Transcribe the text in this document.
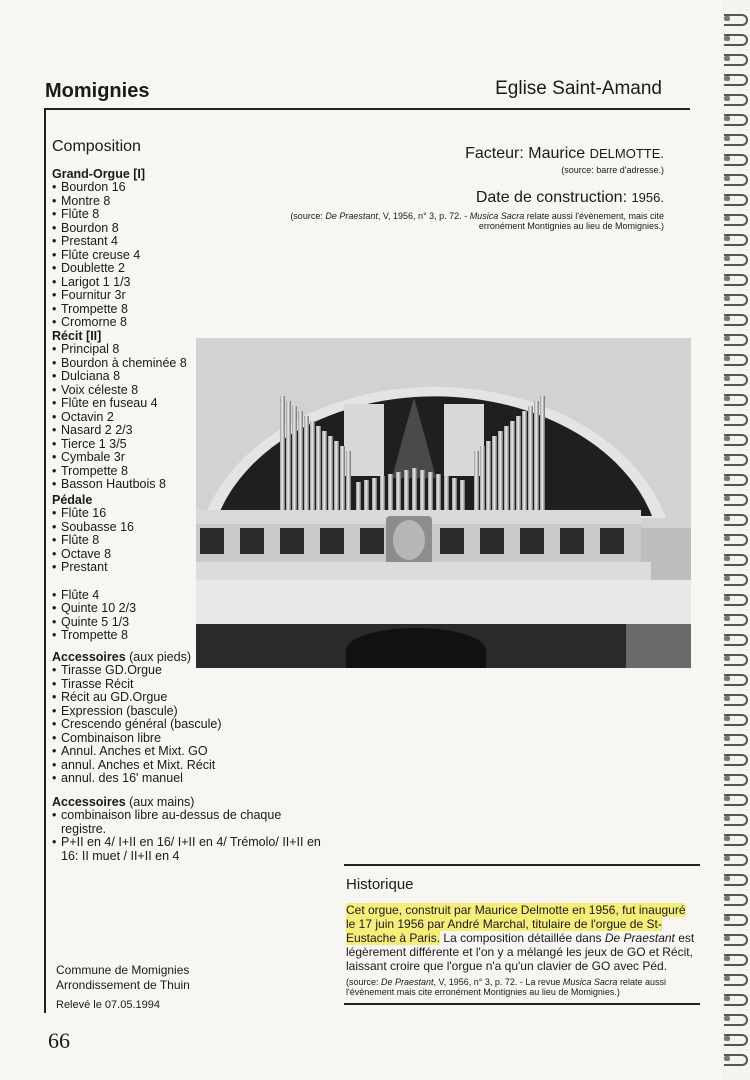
Momignies	Eglise Saint-Amand
Composition
Grand-Orgue [I]
• Bourdon 16
• Montre 8
• Flûte 8
• Bourdon 8
• Prestant 4
• Flûte creuse 4
• Doublette 2
• Larigot 1 1/3
• Fournitur 3r
• Trompette 8
• Cromorne 8
Récit [II]
• Principal 8
• Bourdon à cheminée 8
• Dulciana 8
• Voix céleste 8
• Flûte en fuseau 4
• Octavin 2
• Nasard 2 2/3
• Tierce 1 3/5
• Cymbale 3r
• Trompette 8
• Basson Hautbois 8
Pédale
• Flûte 16
• Soubasse 16
• Flûte 8
• Octave 8
• Prestant
• Flûte 4
• Quinte 10 2/3
• Quinte 5 1/3
• Trompette 8
Accessoires (aux pieds)
• Tirasse GD.Orgue
• Tirasse Récit
• Récit au GD.Orgue
• Expression (bascule)
• Crescendo général (bascule)
• Combinaison libre
• Annul. Anches et Mixt. GO
• annul. Anches et Mixt. Récit
• annul. des 16' manuel
Accessoires (aux mains)
• combinaison libre au-dessus de chaque registre.
• P+II en 4/ I+II en 16/ I+II en 4/ Trémolo/ II+II en 16: II muet / II+II en 4
Facteur: Maurice DELMOTTE.
(source: barre d'adresse.)
Date de construction: 1956.
(source: De Praestant, V, 1956, n° 3, p. 72. - Musica Sacra relate aussi l'évènement, mais cite erronément Montignies au lieu de Momignies.)
Historique
Cet orgue, construit par Maurice Delmotte en 1956, fut inauguré le 17 juin 1956 par André Marchal, titulaire de l'orgue de St-Eustache à Paris. La composition détaillée dans De Praestant est légèrement différente et l'on y a mélangé les jeux de GO et Récit, laissant croire que l'orgue n'a qu'un clavier de GO avec Péd.
(source: De Praestant, V, 1956, n° 3, p. 72. - La revue Musica Sacra relate aussi l'évènement mais cite erronément Montignies au lieu de Momignies.)
Commune de Momignies
Arrondissement de Thuin
Relevé le 07.05.1994
66
